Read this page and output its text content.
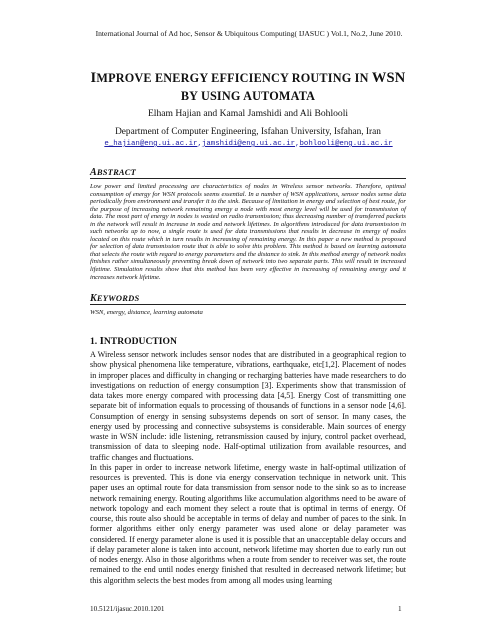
International Journal of Ad hoc, Sensor & Ubiquitous Computing( IJASUC ) Vol.1, No.2, June 2010.
IMPROVE ENERGY EFFICIENCY ROUTING IN WSN
BY USING AUTOMATA
Elham Hajian and Kamal Jamshidi and Ali Bohlooli
Department of Computer Engineering, Isfahan University, Isfahan, Iran
e_hajian@eng.ui.ac.ir,jamshidi@eng.ui.ac.ir,bohlooli@eng.ui.ac.ir
ABSTRACT
Low power and limited processing are characteristics of nodes in Wireless sensor networks. Therefore, optimal consumption of energy for WSN protocols seems essential. In a number of WSN applications, sensor nodes sense data periodically from environment and transfer it to the sink. Because of limitation in energy and selection of best route, for the purpose of increasing network remaining energy a node with most energy level will be used for transmission of data. The most part of energy in nodes is wasted on radio transmission; thus decreasing number of transferred packets in the network will result in increase in node and network lifetimes. In algorithms introduced for data transmission in such networks up to now, a single route is used for data transmissions that results in decrease in energy of nodes located on this route which in turn results in increasing of remaining energy. In this paper a new method is proposed for selection of data transmission route that is able to solve this problem. This method is based on learning automata that selects the route with regard to energy parameters and the distance to sink. In this method energy of network nodes finishes rather simultaneously preventing break down of network into two separate parts. This will result in increased lifetime. Simulation results show that this method has been very effective in increasing of remaining energy and it increases network lifetime.
KEYWORDS
WSN, energy, distance, learning automata
1. INTRODUCTION

A Wireless sensor network includes sensor nodes that are distributed in a geographical region to show physical phenomena like temperature, vibrations, earthquake, etc[1,2]. Placement of nodes in improper places and difficulty in changing or recharging batteries have made researchers to do investigations on reduction of energy consumption [3]. Experiments show that transmission of data takes more energy compared with processing data [4,5]. Energy Cost of transmitting one separate bit of information equals to processing of thousands of functions in a sensor node [4,6]. Consumption of energy in sensing subsystems depends on sort of sensor. In many cases, the energy used by processing and connective subsystems is considerable. Main sources of energy waste in WSN include: idle listening, retransmission caused by injury, control packet overhead, transmission of data to sleeping node. Half-optimal utilization from available resources, and traffic changes and fluctuations.

In this paper in order to increase network lifetime, energy waste in half-optimal utilization of resources is prevented. This is done via energy conservation technique in network unit. This paper uses an optimal route for data transmission from sensor node to the sink so as to increase network remaining energy. Routing algorithms like accumulation algorithms need to be aware of network topology and each moment they select a route that is optimal in terms of energy. Of course, this route also should be acceptable in terms of delay and number of paces to the sink. In former algorithms either only energy parameter was used alone or delay parameter was considered. If energy parameter alone is used it is possible that an unacceptable delay occurs and if delay parameter alone is taken into account, network lifetime may shorten due to early run out of nodes energy. Also in those algorithms when a route from sender to receiver was set, the route remained to the end until nodes energy finished that resulted in decreased network lifetime; but this algorithm selects the best modes from among all modes using learning

10.5121/ijasuc.2010.1201	1
